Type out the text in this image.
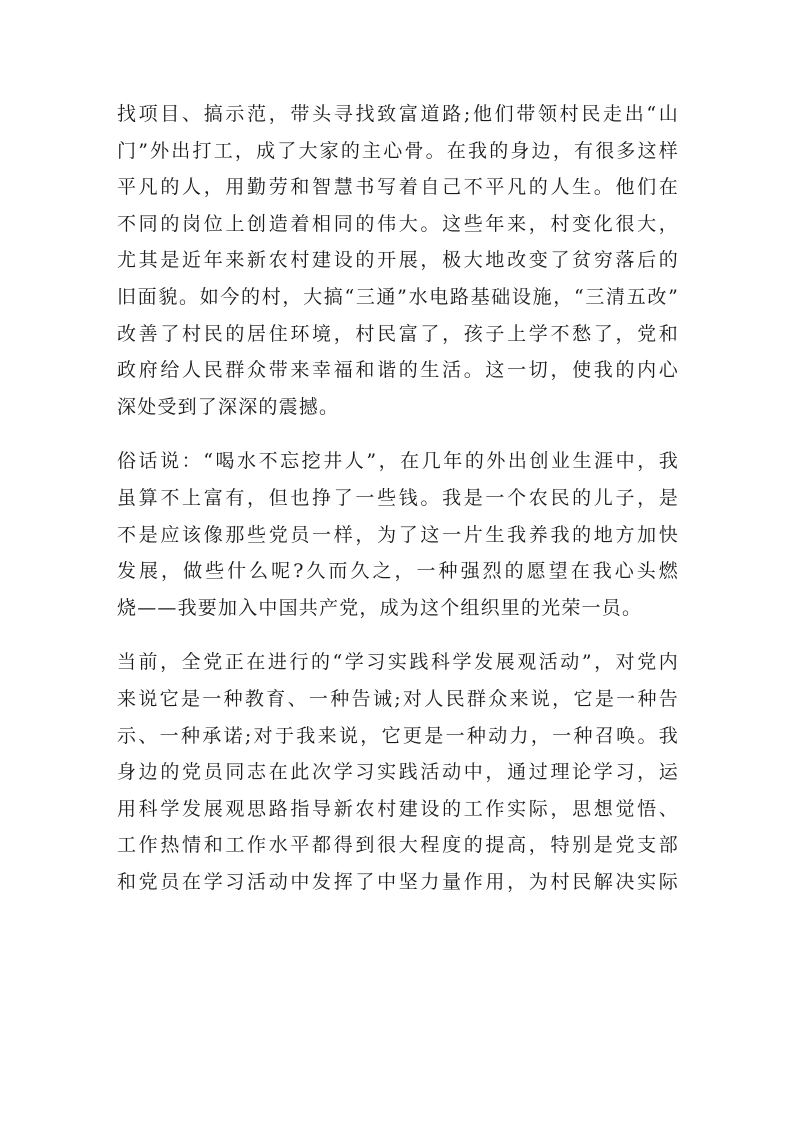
找项目、搞示范，带头寻找致富道路;他们带领村民走出“山
门”外出打工，成了大家的主心骨。在我的身边，有很多这样
平凡的人，用勤劳和智慧书写着自己不平凡的人生。他们在
不同的岗位上创造着相同的伟大。这些年来，村变化很大，
尤其是近年来新农村建设的开展，极大地改变了贫穷落后的
旧面貌。如今的村，大搞“三通”水电路基础设施，“三清五改”
改善了村民的居住环境，村民富了，孩子上学不愁了，党和
政府给人民群众带来幸福和谐的生活。这一切，使我的内心
深处受到了深深的震撼。

俗话说：“喝水不忘挖井人”，在几年的外出创业生涯中，我
虽算不上富有，但也挣了一些钱。我是一个农民的儿子，是
不是应该像那些党员一样，为了这一片生我养我的地方加快
发展，做些什么呢?久而久之，一种强烈的愿望在我心头燃
烧——我要加入中国共产党，成为这个组织里的光荣一员。

当前，全党正在进行的“学习实践科学发展观活动”，对党内
来说它是一种教育、一种告诫;对人民群众来说，它是一种告
示、一种承诺;对于我来说，它更是一种动力，一种召唤。我
身边的党员同志在此次学习实践活动中，通过理论学习，运
用科学发展观思路指导新农村建设的工作实际，思想觉悟、
工作热情和工作水平都得到很大程度的提高，特别是党支部
和党员在学习活动中发挥了中坚力量作用，为村民解决实际
